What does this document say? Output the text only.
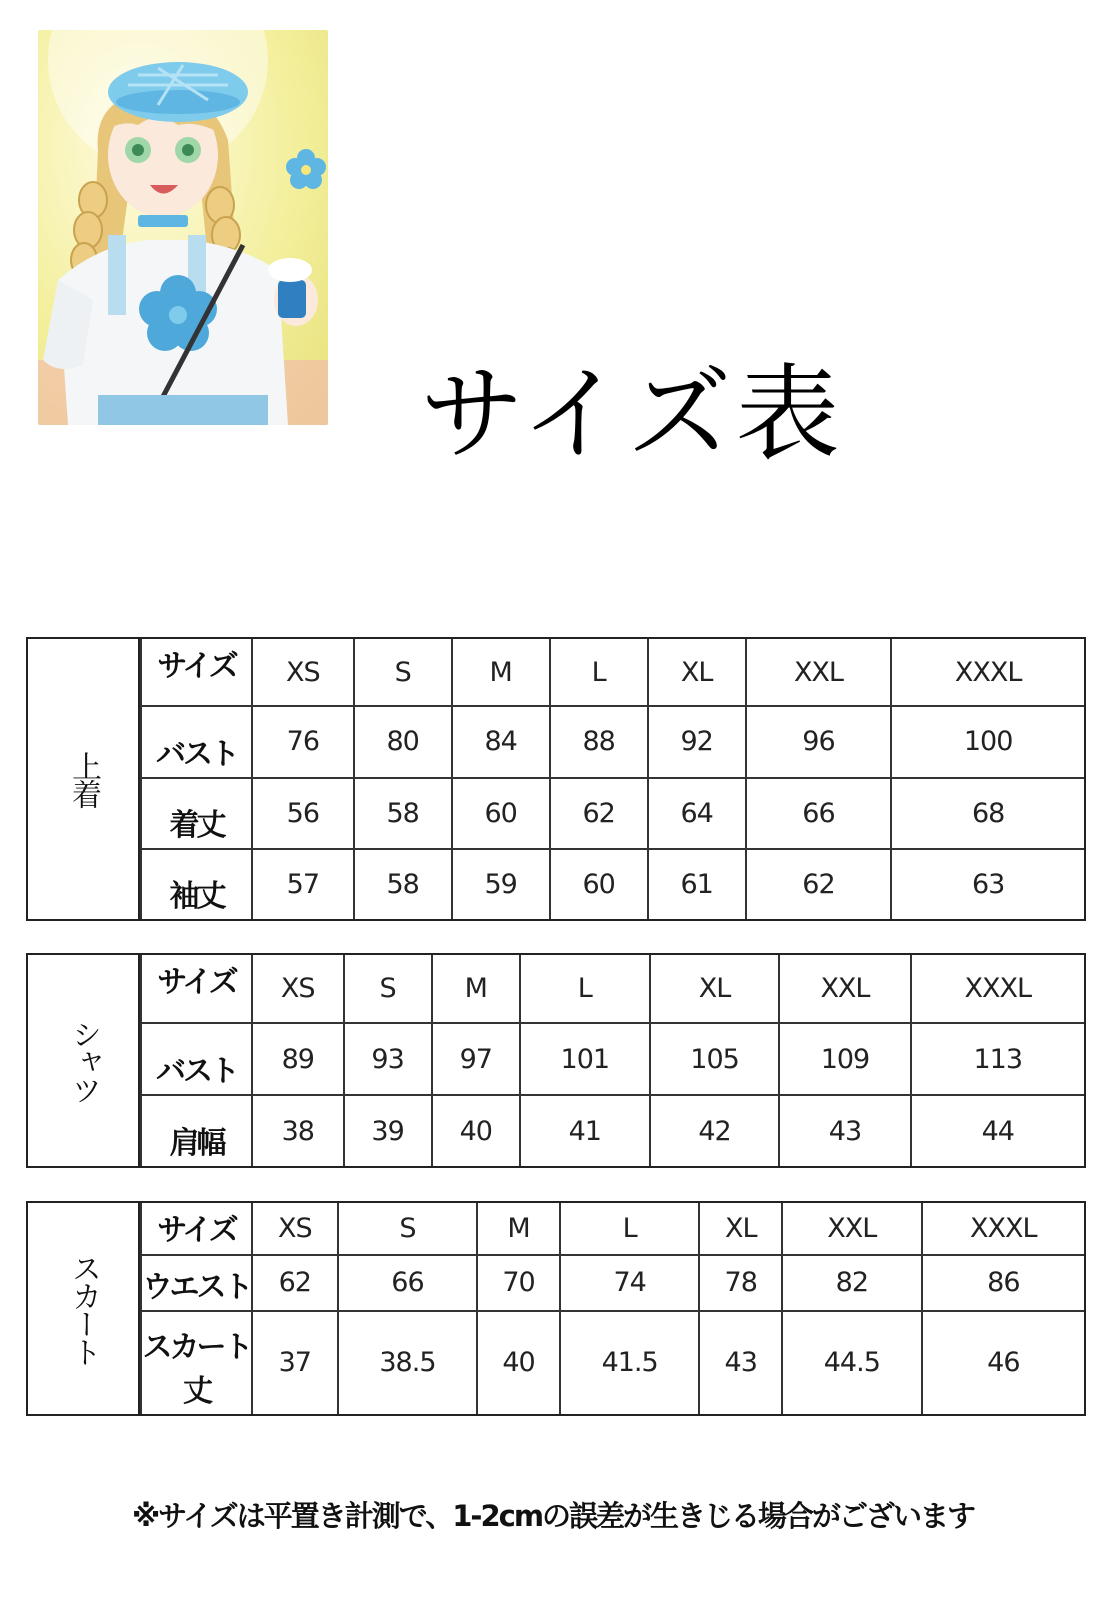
サイズ表
上着
サイズ	XS	S	M	L	XL	XXL	XXXL
バスト	76	80	84	88	92	96	100
着丈	56	58	60	62	64	66	68
袖丈	57	58	59	60	61	62	63
シャツ
サイズ	XS	S	M	L	XL	XXL	XXXL
バスト	89	93	97	101	105	109	113
肩幅	38	39	40	41	42	43	44
スカート
サイズ	XS	S	M	L	XL	XXL	XXXL
ウエスト	62	66	70	74	78	82	86
スカート丈	37	38.5	40	41.5	43	44.5	46
※サイズは平置き計測で、1-2cmの誤差が生きじる場合がございます
